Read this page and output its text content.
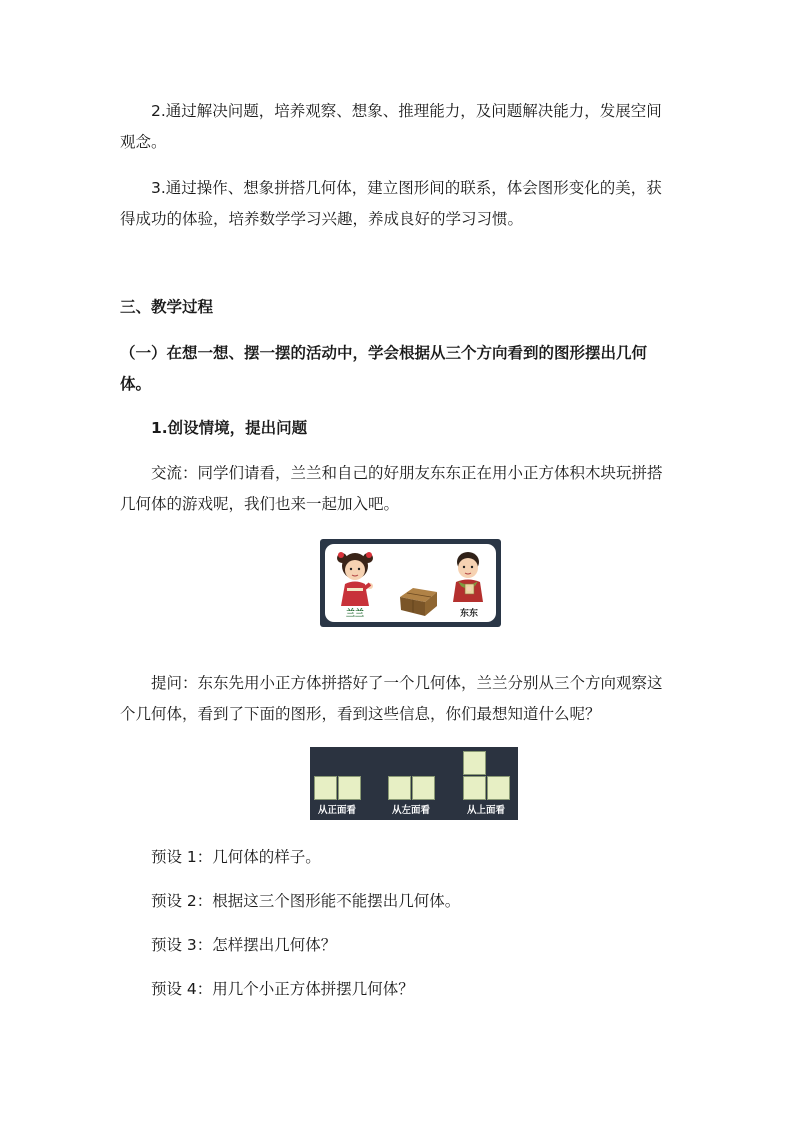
2.通过解决问题，培养观察、想象、推理能力，及问题解决能力，发展空间
观念。
3.通过操作、想象拼搭几何体，建立图形间的联系，体会图形变化的美，获
得成功的体验，培养数学学习兴趣，养成良好的学习习惯。
三、教学过程
（一）在想一想、摆一摆的活动中，学会根据从三个方向看到的图形摆出几何
体。
1.创设情境，提出问题
交流：同学们请看，兰兰和自己的好朋友东东正在用小正方体积木块玩拼搭
几何体的游戏呢，我们也来一起加入吧。
兰兰	东东
提问：东东先用小正方体拼搭好了一个几何体，兰兰分别从三个方向观察这
个几何体，看到了下面的图形，看到这些信息，你们最想知道什么呢？
从正面看	从左面看	从上面看
预设 1：几何体的样子。
预设 2：根据这三个图形能不能摆出几何体。
预设 3：怎样摆出几何体？
预设 4：用几个小正方体拼摆几何体？
